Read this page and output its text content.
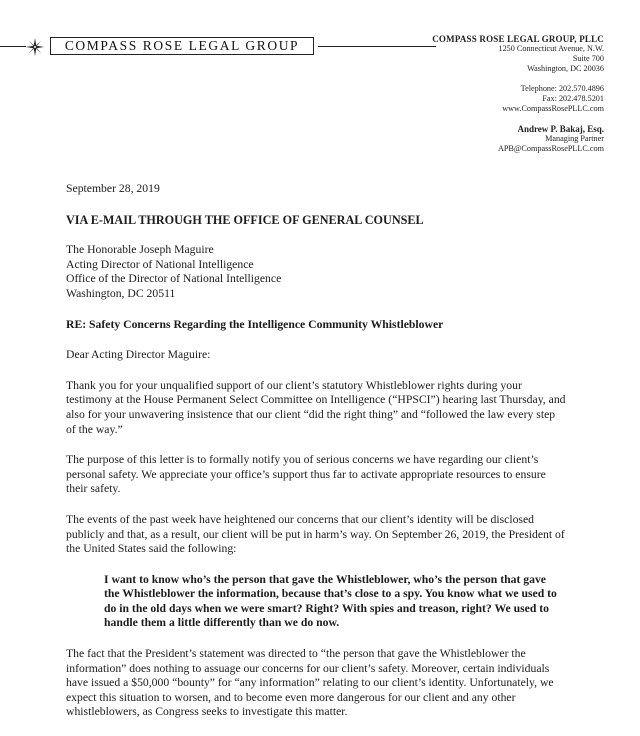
COMPASS ROSE LEGAL GROUP	COMPASS ROSE LEGAL GROUP, PLLC
1250 Connecticut Avenue, N.W.
Suite 700
Washington, DC 20036
Telephone: 202.570.4896
Fax: 202.478.5201
www.CompassRosePLLC.com
Andrew P. Bakaj, Esq.
Managing Partner
APB@CompassRosePLLC.com

September 28, 2019

VIA E-MAIL THROUGH THE OFFICE OF GENERAL COUNSEL

The Honorable Joseph Maguire

Acting Director of National Intelligence

Office of the Director of National Intelligence

Washington, DC 20511

RE: Safety Concerns Regarding the Intelligence Community Whistleblower

Dear Acting Director Maguire:

Thank you for your unqualified support of our client’s statutory Whistleblower rights during your testimony at the House Permanent Select Committee on Intelligence (“HPSCI”) hearing last Thursday, and also for your unwavering insistence that our client “did the right thing” and “followed the law every step of the way.”

The purpose of this letter is to formally notify you of serious concerns we have regarding our client’s personal safety. We appreciate your office’s support thus far to activate appropriate resources to ensure their safety.

The events of the past week have heightened our concerns that our client’s identity will be disclosed publicly and that, as a result, our client will be put in harm’s way. On September 26, 2019, the President of the United States said the following:

I want to know who’s the person that gave the Whistleblower, who’s the person that gave the Whistleblower the information, because that’s close to a spy. You know what we used to do in the old days when we were smart? Right? With spies and treason, right? We used to handle them a little differently than we do now.

The fact that the President’s statement was directed to “the person that gave the Whistleblower the information” does nothing to assuage our concerns for our client’s safety. Moreover, certain individuals have issued a $50,000 “bounty” for “any information” relating to our client’s identity. Unfortunately, we expect this situation to worsen, and to become even more dangerous for our client and any other whistleblowers, as Congress seeks to investigate this matter.
